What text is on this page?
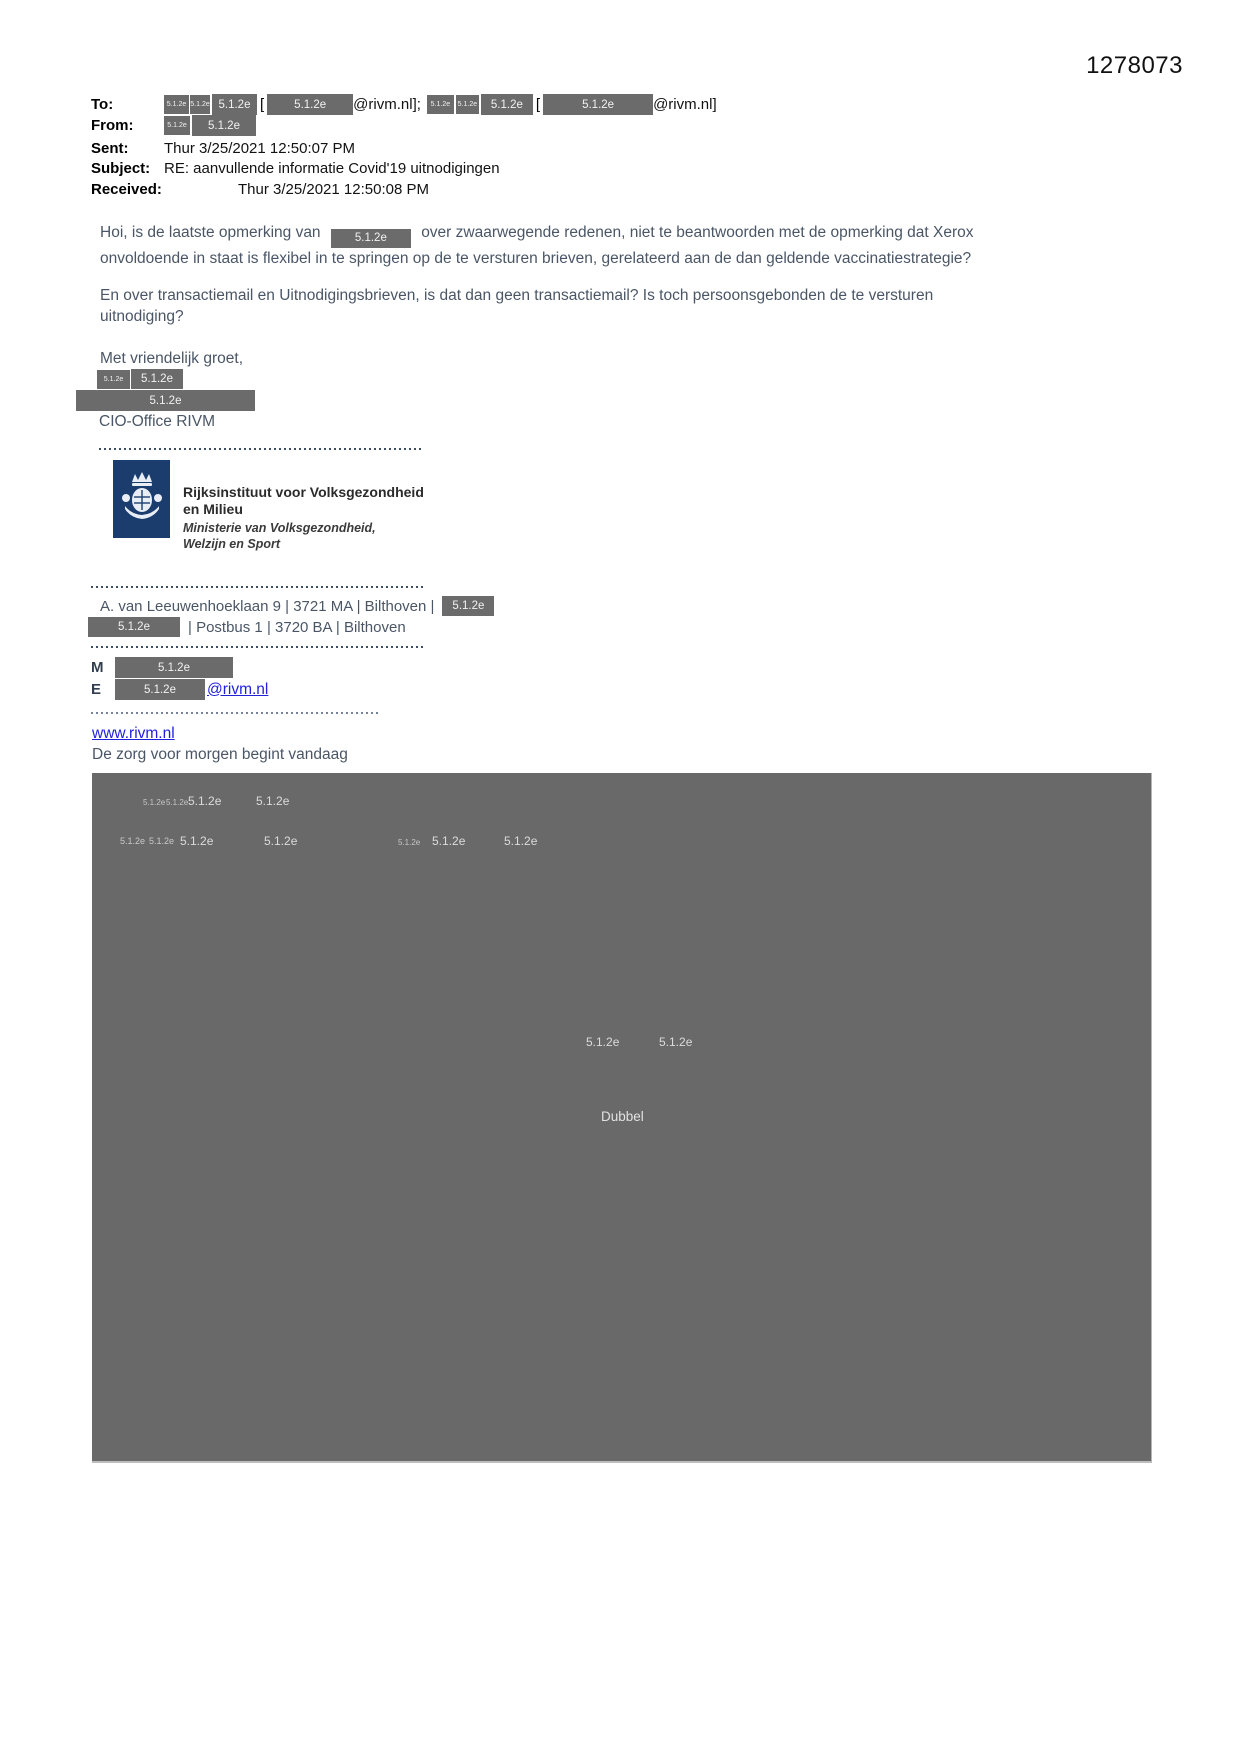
1278073
To:	5.1.2e 5.1.2e 5.1.2e [	5.1.2e	@rivm.nl];	5.1.2e	5.1.2e	5.1.2e [	5.1.2e	@rivm.nl]
From:	5.1.2e	5.1.2e
Sent: Thur 3/25/2021 12:50:07 PM
Subject: RE: aanvullende informatie Covid'19 uitnodigingen
Received:	Thur 3/25/2021 12:50:08 PM
Hoi, is de laatste opmerking van	5.1.2e over zwaarwegende redenen, niet te beantwoorden met de opmerking dat Xerox onvoldoende in staat is flexibel in te springen op de te versturen brieven, gerelateerd aan de dan geldende vaccinatiestrategie?
En over transactiemail en Uitnodigingsbrieven, is dat dan geen transactiemail? Is toch persoonsgebonden de te versturen uitnodiging?
Met vriendelijk groet,
5.1.2e	5.1.2e
5.1.2e
CIO-Office RIVM
Rijksinstituut voor Volksgezondheid
en Milieu
Ministerie van Volksgezondheid,
Welzijn en Sport
A. van Leeuwenhoeklaan 9 | 3721 MA | Bilthoven |	5.1.2e
5.1.2e	| Postbus 1 | 3720 BA | Bilthoven
M	5.1.2e
E	5.1.2e	@rivm.nl
www.rivm.nl
De zorg voor morgen begint vandaag
5.1.2e 5.1.2e 5.1.2e	5.1.2e
5.1.2e 5.1.2e 5.1.2e	5.1.2e	5.1.2e 5.1.2e	5.1.2e
5.1.2e	5.1.2e
Dubbel
